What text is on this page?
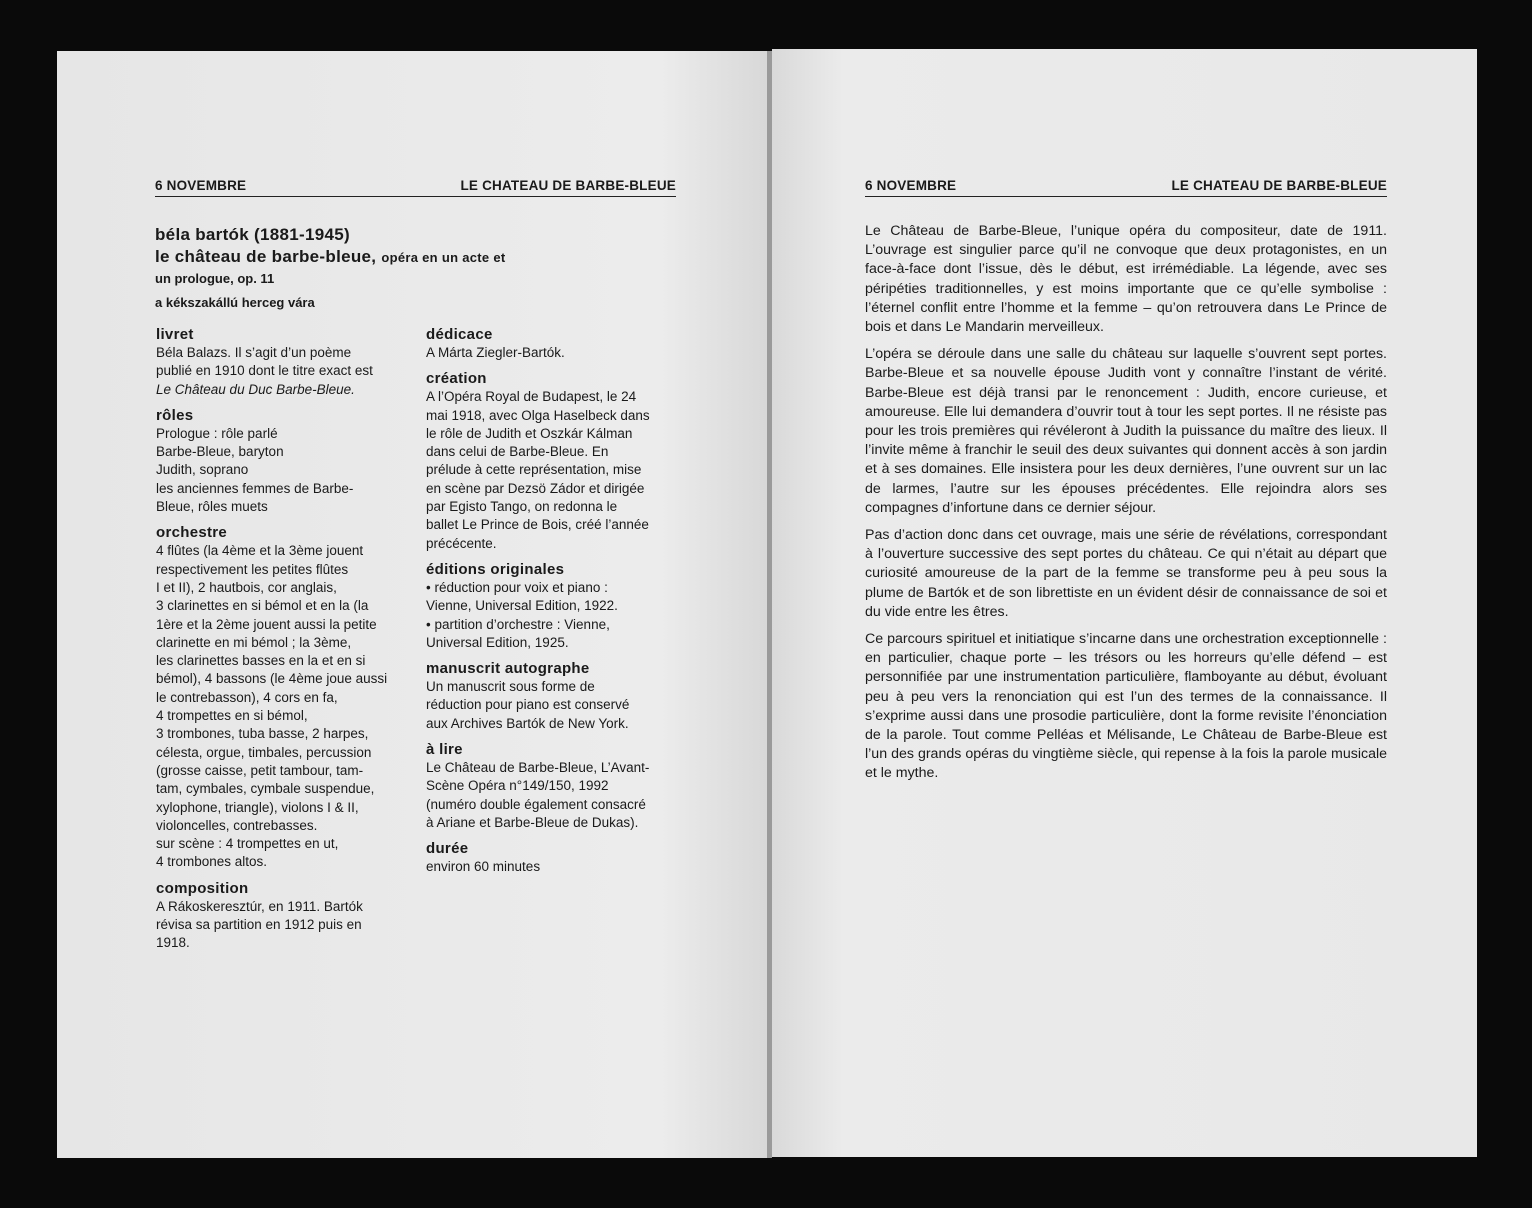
6 NOVEMBRE	LE CHATEAU DE BARBE-BLEUE	6 NOVEMBRE	LE CHATEAU DE BARBE-BLEUE
béla bartók (1881-1945)
le château de barbe-bleue, opéra en un acte et
un prologue, op. 11
a kékszakállú herceg vára
livret

Béla Balazs. Il s’agit d’un poème

publié en 1910 dont le titre exact est

Le Château du Duc Barbe-Bleue.

rôles

Prologue : rôle parlé

Barbe-Bleue, baryton

Judith, soprano

les anciennes femmes de Barbe-

Bleue, rôles muets

orchestre

4 flûtes (la 4ème et la 3ème jouent

respectivement les petites flûtes

I et II), 2 hautbois, cor anglais,

3 clarinettes en si bémol et en la (la

1ère et la 2ème jouent aussi la petite

clarinette en mi bémol ; la 3ème,

les clarinettes basses en la et en si

bémol), 4 bassons (le 4ème joue aussi

le contrebasson), 4 cors en fa,

4 trompettes en si bémol,

3 trombones, tuba basse, 2 harpes,

célesta, orgue, timbales, percussion

(grosse caisse, petit tambour, tam-

tam, cymbales, cymbale suspendue,

xylophone, triangle), violons I & II,

violoncelles, contrebasses.

sur scène : 4 trompettes en ut,

4 trombones altos.

composition

A Rákoskeresztúr, en 1911. Bartók

révisa sa partition en 1912 puis en

1918.

dédicace

A Márta Ziegler-Bartók.

création

A l’Opéra Royal de Budapest, le 24

mai 1918, avec Olga Haselbeck dans

le rôle de Judith et Oszkár Kálman

dans celui de Barbe-Bleue. En

prélude à cette représentation, mise

en scène par Dezsö Zádor et dirigée

par Egisto Tango, on redonna le

ballet Le Prince de Bois, créé l’année

précécente.

éditions originales

• réduction pour voix et piano :

Vienne, Universal Edition, 1922.

• partition d’orchestre : Vienne,

Universal Edition, 1925.

manuscrit autographe

Un manuscrit sous forme de

réduction pour piano est conservé

aux Archives Bartók de New York.

à lire

Le Château de Barbe-Bleue, L’Avant-

Scène Opéra n°149/150, 1992

(numéro double également consacré

à Ariane et Barbe-Bleue de Dukas).

durée

environ 60 minutes

Le Château de Barbe-Bleue, l’unique opéra du compositeur, date de 1911. L’ouvrage est singulier parce qu’il ne convoque que deux protagonistes, en un face-à-face dont l’issue, dès le début, est irrémédiable. La légende, avec ses péripéties traditionnelles, y est moins importante que ce qu’elle symbolise : l’éternel conflit entre l’homme et la femme – qu’on retrouvera dans Le Prince de bois et dans Le Mandarin merveilleux.

L’opéra se déroule dans une salle du château sur laquelle s’ouvrent sept portes. Barbe-Bleue et sa nouvelle épouse Judith vont y connaître l’instant de vérité. Barbe-Bleue est déjà transi par le renoncement : Judith, encore curieuse, et amoureuse. Elle lui demandera d’ouvrir tout à tour les sept portes. Il ne résiste pas pour les trois premières qui révéleront à Judith la puissance du maître des lieux. Il l’invite même à franchir le seuil des deux suivantes qui donnent accès à son jardin et à ses domaines. Elle insistera pour les deux dernières, l’une ouvrent sur un lac de larmes, l’autre sur les épouses précédentes. Elle rejoindra alors ses compagnes d’infortune dans ce dernier séjour.

Pas d’action donc dans cet ouvrage, mais une série de révélations, correspondant à l’ouverture successive des sept portes du château. Ce qui n’était au départ que curiosité amoureuse de la part de la femme se transforme peu à peu sous la plume de Bartók et de son librettiste en un évident désir de connaissance de soi et du vide entre les êtres.

Ce parcours spirituel et initiatique s’incarne dans une orchestration exceptionnelle : en particulier, chaque porte – les trésors ou les horreurs qu’elle défend – est personnifiée par une instrumentation particulière, flamboyante au début, évoluant peu à peu vers la renonciation qui est l’un des termes de la connaissance. Il s’exprime aussi dans une prosodie particulière, dont la forme revisite l’énonciation de la parole. Tout comme Pelléas et Mélisande, Le Château de Barbe-Bleue est l’un des grands opéras du vingtième siècle, qui repense à la fois la parole musicale et le mythe.
